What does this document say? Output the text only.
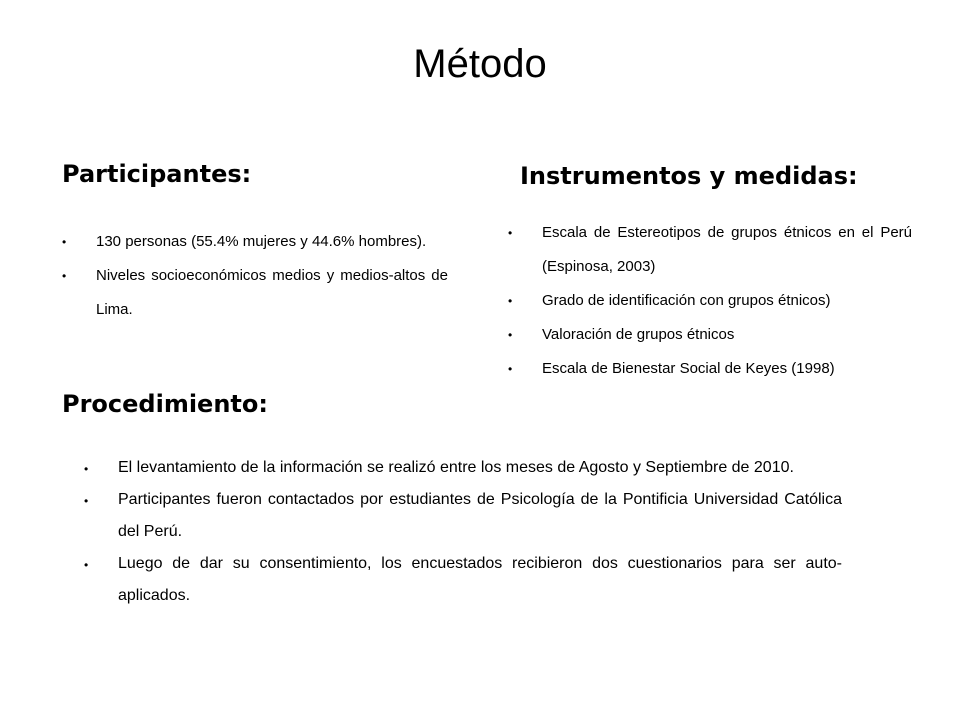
Método
Participantes:
• 130 personas (55.4% mujeres y 44.6% hombres).
• Niveles socioeconómicos medios y medios-altos de Lima.
Instrumentos y medidas:
• Escala de Estereotipos de grupos étnicos en el Perú (Espinosa, 2003)
• Grado de identificación con grupos étnicos)
• Valoración de grupos étnicos
• Escala de Bienestar Social de Keyes (1998)
Procedimiento:
• El levantamiento de la información se realizó entre los meses de Agosto y Septiembre de 2010.
• Participantes fueron contactados por estudiantes de Psicología de la Pontificia Universidad Católica del Perú.
• Luego de dar su consentimiento, los encuestados recibieron dos cuestionarios para ser auto-aplicados.
